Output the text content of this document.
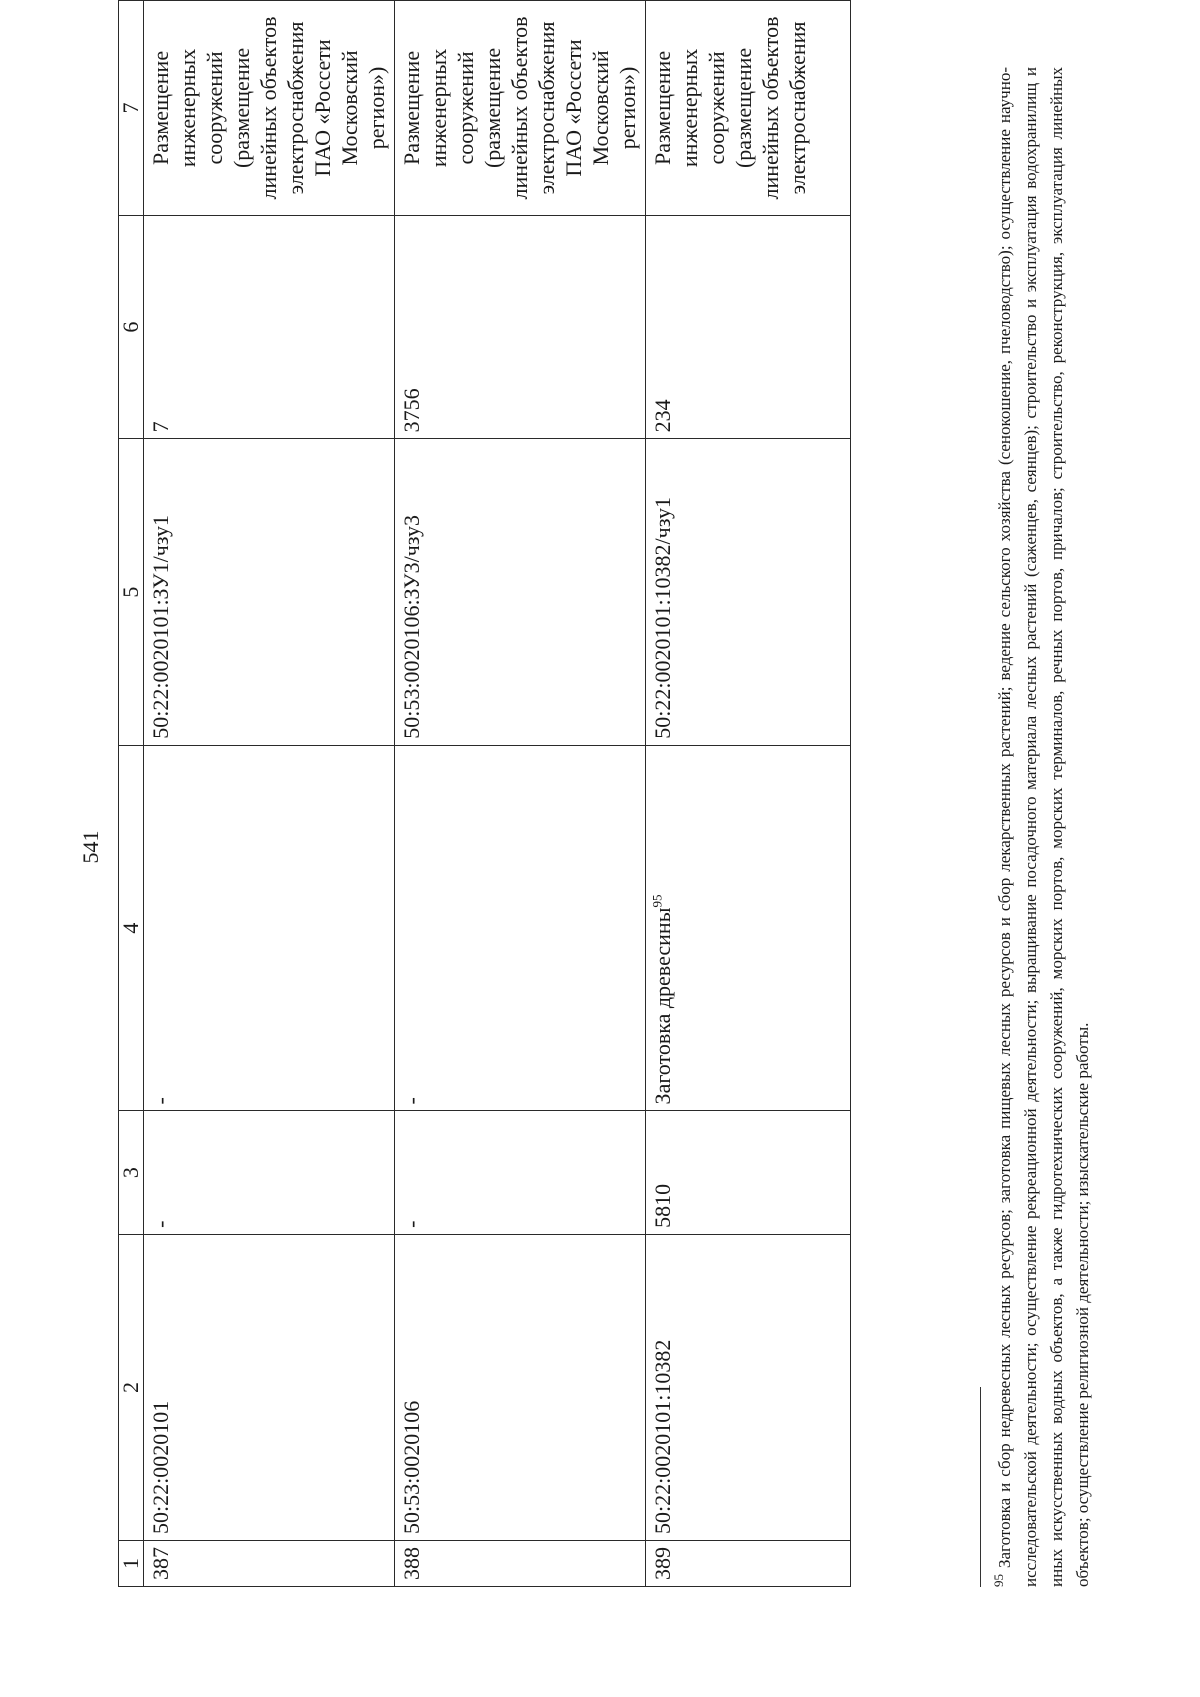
541
1	2	3	4	5	6	7
387	50:22:0020101	-	-	50:22:0020101:ЗУ1/чзу1	7	Размещение инженерных сооружений (размещение линейных объектов электроснабжения ПАО «Россети Московский регион»)
388	50:53:0020106	-	-	50:53:0020106:ЗУ3/чзу3	3756	Размещение инженерных сооружений (размещение линейных объектов электроснабжения ПАО «Россети Московский регион»)
389	50:22:0020101:10382	5810	Заготовка древесины$^{95}$	50:22:0020101:10382/чзу1	234	Размещение инженерных сооружений (размещение линейных объектов электроснабжения
$^{95}$Заготовка и сбор недревесных лесных ресурсов; заготовка пищевых лесных ресурсов и сбор лекарственных растений; ведение сельского хозяйства (сенокошение, пчеловодство); осуществление научно-исследовательской деятельности; осуществление рекреационной деятельности; выращивание посадочного материала лесных растений (саженцев, сеянцев); строительство и эксплуатация водохранилищ и иных искусственных водных объектов, а также гидротехнических сооружений, морских портов, морских терминалов, речных портов, причалов; строительство, реконструкция, эксплуатация линейных объектов; осуществление религиозной деятельности; изыскательские работы.
